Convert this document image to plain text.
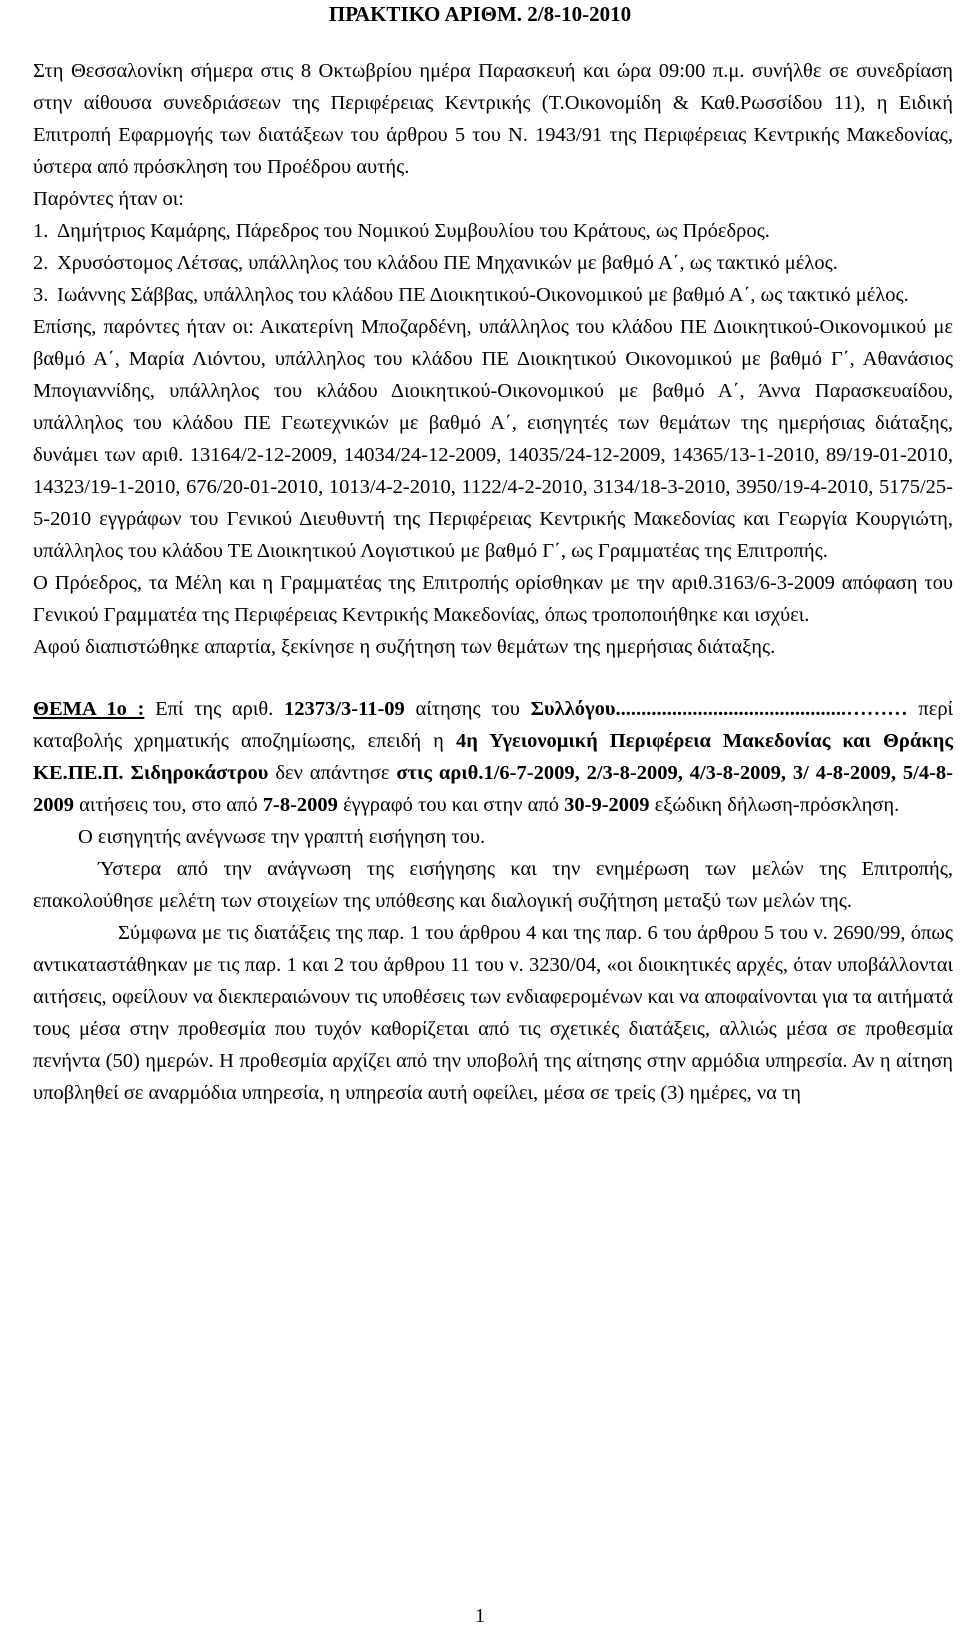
ΠΡΑΚΤΙΚΟ ΑΡΙΘΜ. 2/8-10-2010

Στη Θεσσαλονίκη σήμερα στις 8 Οκτωβρίου ημέρα Παρασκευή και ώρα 09:00 π.μ. συνήλθε σε συνεδρίαση στην αίθουσα συνεδριάσεων της Περιφέρειας Κεντρικής (Τ.Οικονομίδη & Καθ.Ρωσσίδου 11), η Ειδική Επιτροπή Εφαρμογής των διατάξεων του άρθρου 5 του Ν. 1943/91 της Περιφέρειας Κεντρικής Μακεδονίας, ύστερα από πρόσκληση του Προέδρου αυτής.

Παρόντες ήταν οι:

1. Δημήτριος Καμάρης, Πάρεδρος του Νομικού Συμβουλίου του Κράτους, ως Πρόεδρος.
2. Χρυσόστομος Λέτσας, υπάλληλος του κλάδου ΠΕ Μηχανικών με βαθμό Α΄, ως τακτικό μέλος.
3. Ιωάννης Σάββας, υπάλληλος του κλάδου ΠΕ Διοικητικού-Οικονομικού με βαθμό Α΄, ως τακτικό μέλος.

Επίσης, παρόντες ήταν οι: Αικατερίνη Μποζαρδένη, υπάλληλος του κλάδου ΠΕ Διοικητικού-Οικονομικού με βαθμό Α΄, Μαρία Λιόντου, υπάλληλος του κλάδου ΠΕ Διοικητικού Οικονομικού με βαθμό Γ΄, Αθανάσιος Μπογιαννίδης, υπάλληλος του κλάδου Διοικητικού-Οικονομικού με βαθμό Α΄, Άννα Παρασκευαίδου, υπάλληλος του κλάδου ΠΕ Γεωτεχνικών με βαθμό Α΄, εισηγητές των θεμάτων της ημερήσιας διάταξης, δυνάμει των αριθ. 13164/2-12-2009, 14034/24-12-2009, 14035/24-12-2009, 14365/13-1-2010, 89/19-01-2010, 14323/19-1-2010, 676/20-01-2010, 1013/4-2-2010, 1122/4-2-2010, 3134/18-3-2010, 3950/19-4-2010, 5175/25-5-2010 εγγράφων του Γενικού Διευθυντή της Περιφέρειας Κεντρικής Μακεδονίας και Γεωργία Κουργιώτη, υπάλληλος του κλάδου ΤΕ Διοικητικού Λογιστικού με βαθμό Γ΄, ως Γραμματέας της Επιτροπής.

Ο Πρόεδρος, τα Μέλη και η Γραμματέας της Επιτροπής ορίσθηκαν με την αριθ.3163/6-3-2009 απόφαση του Γενικού Γραμματέα της Περιφέρειας Κεντρικής Μακεδονίας, όπως τροποποιήθηκε και ισχύει.

Αφού διαπιστώθηκε απαρτία, ξεκίνησε η συζήτηση των θεμάτων της ημερήσιας διάταξης.

ΘΕΜΑ 1ο : Επί της αριθ. 12373/3-11-09 αίτησης του Συλλόγου.............................................……… περί καταβολής χρηματικής αποζημίωσης, επειδή η 4η Υγειονομική Περιφέρεια Μακεδονίας και Θράκης ΚΕ.ΠΕ.Π. Σιδηροκάστρου δεν απάντησε στις αριθ.1/6-7-2009, 2/3-8-2009, 4/3-8-2009, 3/ 4-8-2009, 5/4-8-2009 αιτήσεις του, στο από 7-8-2009 έγγραφό του και στην από 30-9-2009 εξώδικη δήλωση-πρόσκληση.

Ο εισηγητής ανέγνωσε την γραπτή εισήγηση του.

Ύστερα από την ανάγνωση της εισήγησης και την ενημέρωση των μελών της Επιτροπής, επακολούθησε μελέτη των στοιχείων της υπόθεσης και διαλογική συζήτηση μεταξύ των μελών της.

Σύμφωνα με τις διατάξεις της παρ. 1 του άρθρου 4 και της παρ. 6 του άρθρου 5 του ν. 2690/99, όπως αντικαταστάθηκαν με τις παρ. 1 και 2 του άρθρου 11 του ν. 3230/04, «οι διοικητικές αρχές, όταν υποβάλλονται αιτήσεις, οφείλουν να διεκπεραιώνουν τις υποθέσεις των ενδιαφερομένων και να αποφαίνονται για τα αιτήματά τους μέσα στην προθεσμία που τυχόν καθορίζεται από τις σχετικές διατάξεις, αλλιώς μέσα σε προθεσμία πενήντα (50) ημερών. Η προθεσμία αρχίζει από την υποβολή της αίτησης στην αρμόδια υπηρεσία. Αν η αίτηση υποβληθεί σε αναρμόδια υπηρεσία, η υπηρεσία αυτή οφείλει, μέσα σε τρείς (3) ημέρες, να τη

1
